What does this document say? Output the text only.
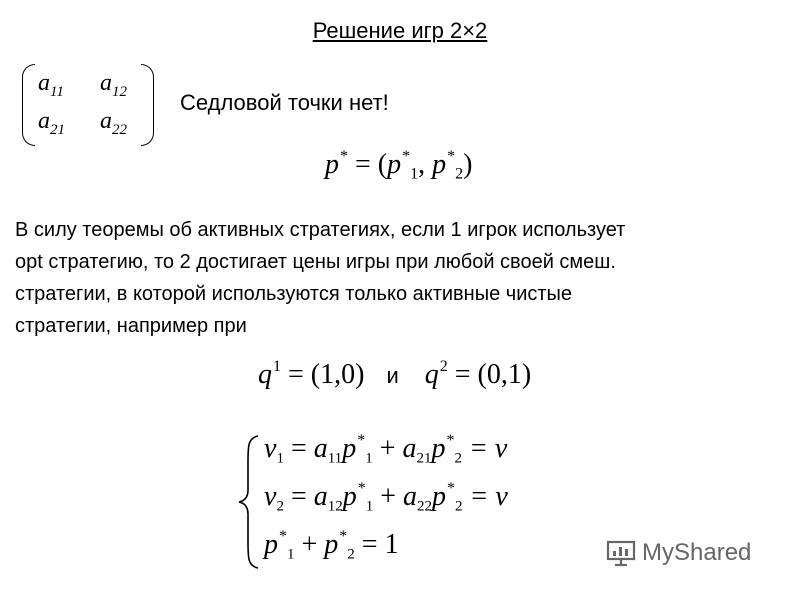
Решение игр 2×2
$a_{11}$ $a_{12}$
$a_{21}$ $a_{22}$
Седловой точки нет!
$p^* = (p^*_1$, $p^*_2$)
В силу теоремы об активных стратегиях, если 1 игрок использует
opt стратегию, то 2 достигает цены игры при любой своей смеш.
стратегии, в которой используются только активные чистые
стратегии, например при
$q^1 = (1,0)$ и $q^2 = (0,1)$
$\nu_1 = a_{11}p^*_1 + a_{21}p^*_2 = \nu$
$\nu_2 = a_{12}p^*_1 + a_{22}p^*_2 = \nu$
$p^*_1 + p^*_2 = 1$	MyShared
